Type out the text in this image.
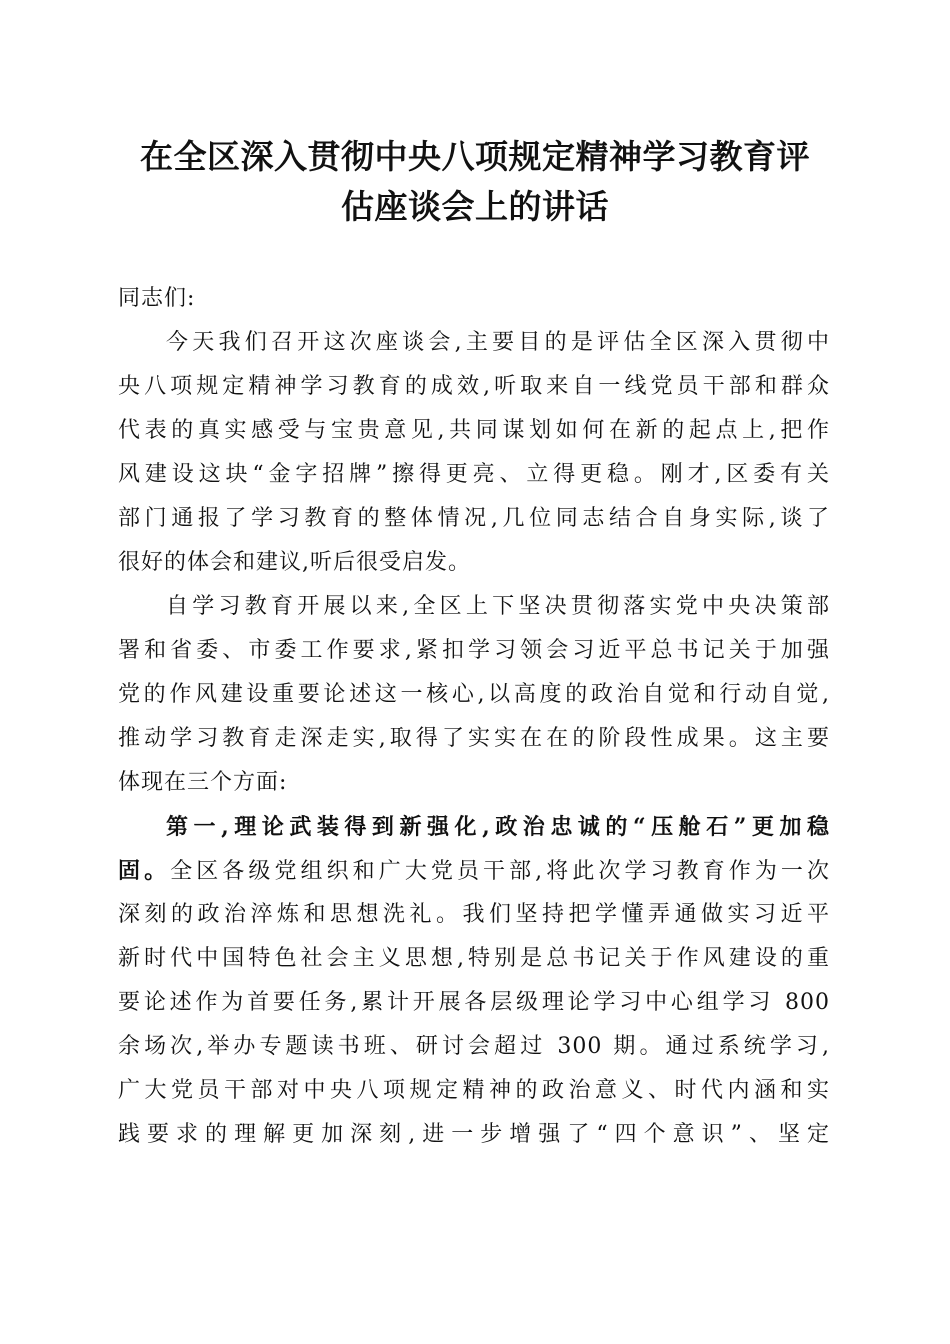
在全区深入贯彻中央八项规定精神学习教育评
估座谈会上的讲话
同志们:
今天我们召开这次座谈会,主要目的是评估全区深入贯彻中
央八项规定精神学习教育的成效,听取来自一线党员干部和群众
代表的真实感受与宝贵意见,共同谋划如何在新的起点上,把作
风建设这块“金字招牌”擦得更亮、立得更稳。刚才,区委有关
部门通报了学习教育的整体情况,几位同志结合自身实际,谈了
很好的体会和建议,听后很受启发。
自学习教育开展以来,全区上下坚决贯彻落实党中央决策部
署和省委、市委工作要求,紧扣学习领会习近平总书记关于加强
党的作风建设重要论述这一核心,以高度的政治自觉和行动自觉,
推动学习教育走深走实,取得了实实在在的阶段性成果。这主要
体现在三个方面:
第一,理论武装得到新强化,政治忠诚的“压舱石”更加稳
固。全区各级党组织和广大党员干部,将此次学习教育作为一次
深刻的政治淬炼和思想洗礼。我们坚持把学懂弄通做实习近平
新时代中国特色社会主义思想,特别是总书记关于作风建设的重
要论述作为首要任务,累计开展各层级理论学习中心组学习 800
余场次,举办专题读书班、研讨会超过 300 期。通过系统学习,
广大党员干部对中央八项规定精神的政治意义、时代内涵和实
践要求的理解更加深刻,进一步增强了“四个意识”、坚定
